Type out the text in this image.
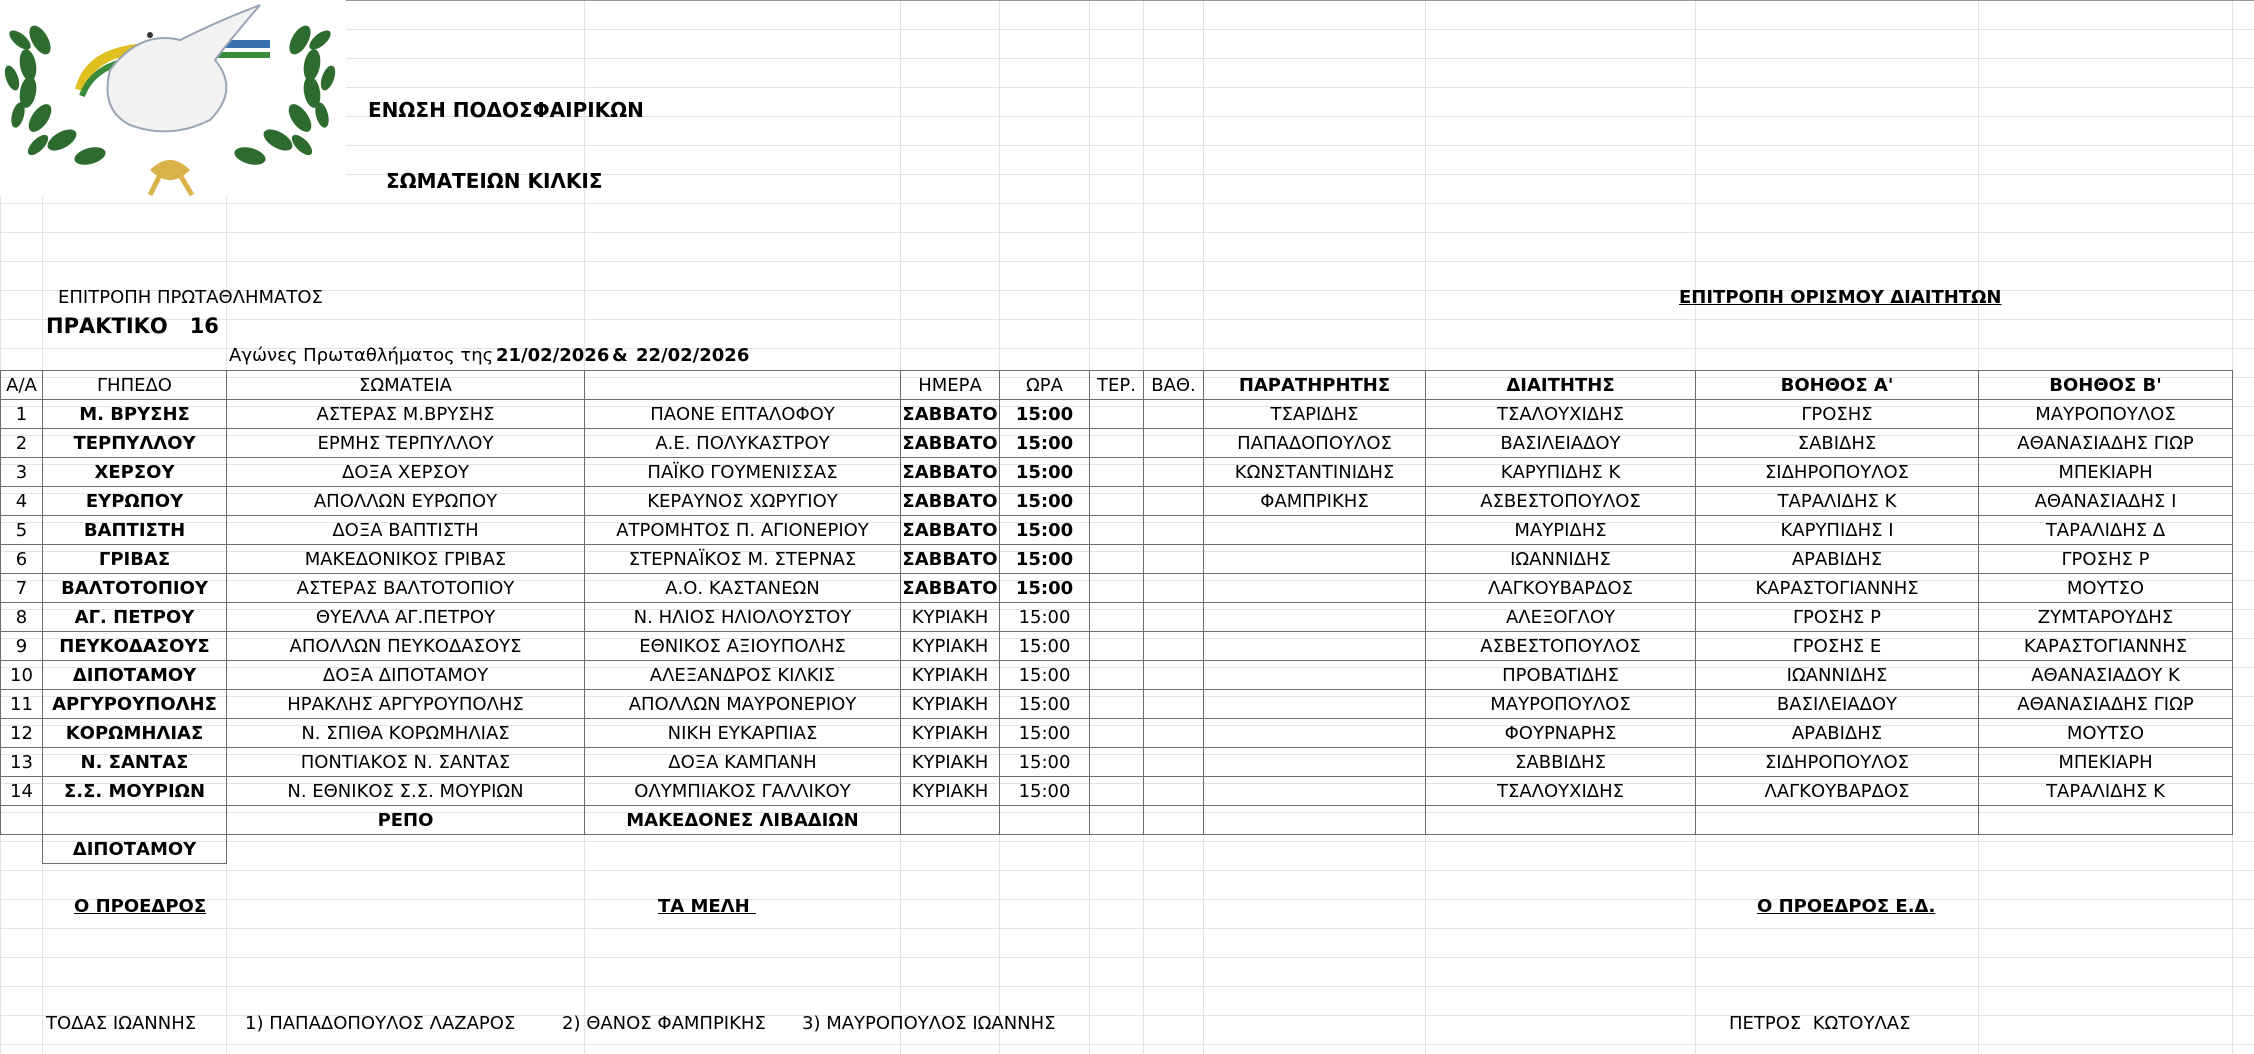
ΕΝΩΣΗ ΠΟΔΟΣΦΑΙΡΙΚΩΝ
ΣΩΜΑΤΕΙΩΝ ΚΙΛΚΙΣ
ΕΠΙΤΡΟΠΗ ΠΡΩΤΑΘΛΗΜΑΤΟΣ	ΕΠΙΤΡΟΠΗ ΟΡΙΣΜΟΥ ΔΙΑΙΤΗΤΩΝ
ΠΡΑΚΤΙΚΟ   16
Αγώνες Πρωταθλήματος της 21/02/2026 & 22/02/2026
Α/Α	ΓΗΠΕΔΟ	ΣΩΜΑΤΕΙΑ		ΗΜΕΡΑ	ΩΡΑ	ΤΕΡ.	ΒΑΘ.	ΠΑΡΑΤΗΡΗΤΗΣ	ΔΙΑΙΤΗΤΗΣ	ΒΟΗΘΟΣ Α'	ΒΟΗΘΟΣ Β'
1	Μ. ΒΡΥΣΗΣ	ΑΣΤΕΡΑΣ Μ.ΒΡΥΣΗΣ	ΠΑΟΝΕ ΕΠΤΑΛΟΦΟΥ	ΣΑΒΒΑΤΟ	15:00			ΤΣΑΡΙΔΗΣ	ΤΣΑΛΟΥΧΙΔΗΣ	ΓΡΟΣΗΣ	ΜΑΥΡΟΠΟΥΛΟΣ
2	ΤΕΡΠΥΛΛΟΥ	ΕΡΜΗΣ ΤΕΡΠΥΛΛΟΥ	Α.Ε. ΠΟΛΥΚΑΣΤΡΟΥ	ΣΑΒΒΑΤΟ	15:00			ΠΑΠΑΔΟΠΟΥΛΟΣ	ΒΑΣΙΛΕΙΑΔΟΥ	ΣΑΒΙΔΗΣ	ΑΘΑΝΑΣΙΑΔΗΣ ΓΙΩΡ
3	ΧΕΡΣΟΥ	ΔΟΞΑ ΧΕΡΣΟΥ	ΠΑΪΚΟ ΓΟΥΜΕΝΙΣΣΑΣ	ΣΑΒΒΑΤΟ	15:00			ΚΩΝΣΤΑΝΤΙΝΙΔΗΣ	ΚΑΡΥΠΙΔΗΣ Κ	ΣΙΔΗΡΟΠΟΥΛΟΣ	ΜΠΕΚΙΑΡΗ
4	ΕΥΡΩΠΟΥ	ΑΠΟΛΛΩΝ ΕΥΡΩΠΟΥ	ΚΕΡΑΥΝΟΣ ΧΩΡΥΓΙΟΥ	ΣΑΒΒΑΤΟ	15:00			ΦΑΜΠΡΙΚΗΣ	ΑΣΒΕΣΤΟΠΟΥΛΟΣ	ΤΑΡΑΛΙΔΗΣ Κ	ΑΘΑΝΑΣΙΑΔΗΣ Ι
5	ΒΑΠΤΙΣΤΗ	ΔΟΞΑ ΒΑΠΤΙΣΤΗ	ΑΤΡΟΜΗΤΟΣ Π. ΑΓΙΟΝΕΡΙΟΥ	ΣΑΒΒΑΤΟ	15:00				ΜΑΥΡΙΔΗΣ	ΚΑΡΥΠΙΔΗΣ Ι	ΤΑΡΑΛΙΔΗΣ Δ
6	ΓΡΙΒΑΣ	ΜΑΚΕΔΟΝΙΚΟΣ ΓΡΙΒΑΣ	ΣΤΕΡΝΑΪΚΟΣ Μ. ΣΤΕΡΝΑΣ	ΣΑΒΒΑΤΟ	15:00				ΙΩΑΝΝΙΔΗΣ	ΑΡΑΒΙΔΗΣ	ΓΡΟΣΗΣ Ρ
7	ΒΑΛΤΟΤΟΠΙΟΥ	ΑΣΤΕΡΑΣ ΒΑΛΤΟΤΟΠΙΟΥ	Α.Ο. ΚΑΣΤΑΝΕΩΝ	ΣΑΒΒΑΤΟ	15:00				ΛΑΓΚΟΥΒΑΡΔΟΣ	ΚΑΡΑΣΤΟΓΙΑΝΝΗΣ	ΜΟΥΤΣΟ
8	ΑΓ. ΠΕΤΡΟΥ	ΘΥΕΛΛΑ ΑΓ.ΠΕΤΡΟΥ	Ν. ΗΛΙΟΣ ΗΛΙΟΛΟΥΣΤΟΥ	ΚΥΡΙΑΚΗ	15:00				ΑΛΕΞΟΓΛΟΥ	ΓΡΟΣΗΣ Ρ	ΖΥΜΤΑΡΟΥΔΗΣ
9	ΠΕΥΚΟΔΑΣΟΥΣ	ΑΠΟΛΛΩΝ ΠΕΥΚΟΔΑΣΟΥΣ	ΕΘΝΙΚΟΣ ΑΞΙΟΥΠΟΛΗΣ	ΚΥΡΙΑΚΗ	15:00				ΑΣΒΕΣΤΟΠΟΥΛΟΣ	ΓΡΟΣΗΣ Ε	ΚΑΡΑΣΤΟΓΙΑΝΝΗΣ
10	ΔΙΠΟΤΑΜΟΥ	ΔΟΞΑ ΔΙΠΟΤΑΜΟΥ	ΑΛΕΞΑΝΔΡΟΣ ΚΙΛΚΙΣ	ΚΥΡΙΑΚΗ	15:00				ΠΡΟΒΑΤΙΔΗΣ	ΙΩΑΝΝΙΔΗΣ	ΑΘΑΝΑΣΙΑΔΟΥ Κ
11	ΑΡΓΥΡΟΥΠΟΛΗΣ	ΗΡΑΚΛΗΣ ΑΡΓΥΡΟΥΠΟΛΗΣ	ΑΠΟΛΛΩΝ ΜΑΥΡΟΝΕΡΙΟΥ	ΚΥΡΙΑΚΗ	15:00				ΜΑΥΡΟΠΟΥΛΟΣ	ΒΑΣΙΛΕΙΑΔΟΥ	ΑΘΑΝΑΣΙΑΔΗΣ ΓΙΩΡ
12	ΚΟΡΩΜΗΛΙΑΣ	Ν. ΣΠΙΘΑ ΚΟΡΩΜΗΛΙΑΣ	ΝΙΚΗ ΕΥΚΑΡΠΙΑΣ	ΚΥΡΙΑΚΗ	15:00				ΦΟΥΡΝΑΡΗΣ	ΑΡΑΒΙΔΗΣ	ΜΟΥΤΣΟ
13	Ν. ΣΑΝΤΑΣ	ΠΟΝΤΙΑΚΟΣ Ν. ΣΑΝΤΑΣ	ΔΟΞΑ ΚΑΜΠΑΝΗ	ΚΥΡΙΑΚΗ	15:00				ΣΑΒΒΙΔΗΣ	ΣΙΔΗΡΟΠΟΥΛΟΣ	ΜΠΕΚΙΑΡΗ
14	Σ.Σ. ΜΟΥΡΙΩΝ	Ν. ΕΘΝΙΚΟΣ Σ.Σ. ΜΟΥΡΙΩΝ	ΟΛΥΜΠΙΑΚΟΣ ΓΑΛΛΙΚΟΥ	ΚΥΡΙΑΚΗ	15:00				ΤΣΑΛΟΥΧΙΔΗΣ	ΛΑΓΚΟΥΒΑΡΔΟΣ	ΤΑΡΑΛΙΔΗΣ Κ
		ΡΕΠΟ	ΜΑΚΕΔΟΝΕΣ ΛΙΒΑΔΙΩΝ								
	ΔΙΠΟΤΑΜΟΥ										
Ο ΠΡΟΕΔΡΟΣ	ΤΑ ΜΕΛΗ	Ο ΠΡΟΕΔΡΟΣ Ε.Δ.
ΤΟΔΑΣ ΙΩΑΝΝΗΣ	1) ΠΑΠΑΔΟΠΟΥΛΟΣ ΛΑΖΑΡΟΣ	2) ΘΑΝΟΣ ΦΑΜΠΡΙΚΗΣ 3) ΜΑΥΡΟΠΟΥΛΟΣ ΙΩΑΝΝΗΣ	ΠΕΤΡΟΣ  ΚΩΤΟΥΛΑΣ
